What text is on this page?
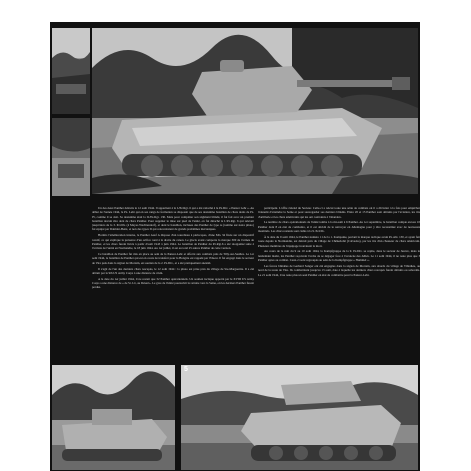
Un des deux Panther détruits le 12 août 1944. Il appartient à la I./Pz.Rgt. 6 qui a été rattaché à la Pz.Div. « Panzer Lehr ». Au début de l'année 1944, la Pz. Lehr qui en ses rangs de formation se disposait que de ses deuxième bataillon de chars dotés de Pz. IV, comme il se doit. Sa deuxième était la II./Pz.Rgt. 130. Mais pour compléter son régiment blindé, il fut fait avec un premier bataillon devant être doté de chars Panther. Pour suppléer le mise sur pied de l'unité, on fut détaché la I./Pz.Rgt. 6 qui relevait jusqu'alors de la 3. Pz.Div. (à Mayer-Wachtendorf), et dont le bataillon, incluses des Panther de type A (comme sur notre photo) fut équipé par Daimler-Benz, et non des types D qui rencontraient de grands problèmes mécaniques.

Hormis l'amélioration interne, le Panther Ausf A dispose d'un tourelleau à périscopes, d'une MG 34 fixée sur un dispositif rotatif, ce qui explique la présence d'un orifice rond à la droite du canon. Le glacis avant comporte la marque 300 de l'armée de Panther, et les chars furent livrés à partir d'août 1943 à juin 1944. Le bataillon de Panther du Pz.Rgt.6 a été réorganisé suite à l'arrivée de l'unité en Normandie, le 18 juin 1944. Au 1er juillet, il est au total 25 autres Panther de cette version.

Ce bataillon de Panther fut mis en place au sein de la Panzer-Lehr et affecté aux combats près de Tilly-sur-Seulles. Le 1er août 1944, le bataillon de Panther qui est en cours de transfert pour la Hongrie est rappelé par l'Ouest. Il fut engagé dans le secteur de Vire puis dans la région de Mortain, en soutien de la 2. Pz.Div., et a été pratiquement anéanti.

Il s'agit de l'un des derniers chars rescapés, le 12 août 1944 : la photo est prise près du village de Ste-Marguerite. Il a été détruit par la 9th US Army Corps à une distance de 4 km.

A la date du 1er juillet 1944, il ne restait que 32 Panther opérationnels. Un soutien tactique apporté par le XVIII US Army Corps a une distance de « de St. Lô, au Désert». Le gros de l'unité poursuivit la retraite vers la Seine, où les derniers Panther furent perdus.

participent. L'offre s'étend du Secteur. Celle-ci a relevé toute une série de combats où il a dû lutter à la fois pour empêcher l'ennemi d'atteindre la Seine et pour sauvegarder ses derniers blindés. Entre 20 et 15 Panther sont détruits par l'aviation, les tirs d'artillerie et les chars américains qui les ont contraints à l'abandon.

Le nombre de chars opérationnels de l'unité tombe à la mi-août à 6 Panther. Au 1er septembre, le bataillon compte encore 10 Panther dont 8 en état de combattre, et il est décidé de le renvoyer en Allemagne pour y être reconstitué avec de nouveaux matériels. Les chars restants sont cédés à la 9. Pz.Div.

À la date du 9 août 1944, le Panther numéro 11 de la 1. Kompanie, portant la marque tactique avant Pz.Abt. 130, et ayant fait route depuis la Normandie, est détruit près du village de Chênedollé (Calvados), par les tirs d'un chasseur de chars américain. Plusieurs membres de l'équipage trouvèrent la mort.

Au cours de la nuit du 9 au 10 août 1944, la Kampfgruppe de la 9. Pz.Div. se replie, dans le secteur de Jeurve, mais le lendemain matin, les Panther reçoivent l'ordre de se dégager face à l'avancée des Alliés. Le 11 août 1944, il ne reste plus que 3 Panther aptes au combat. Ceux-ci sont regroupés au sein de la Kampfgruppe « Hummel ».

Les forces blindées de Gerhard Sanger ont été engagées dans la région de Mortain, aux abords du village de Villedieu, au nord de la route de Vire. Ils combattirent jusqu'au 13 août, date à laquelle les derniers chars rescapés furent détruits ou sabordés. Le 21 août 1944, il ne reste plus un seul Panther en état de combattre pour la Panzer-Lehr.

5
